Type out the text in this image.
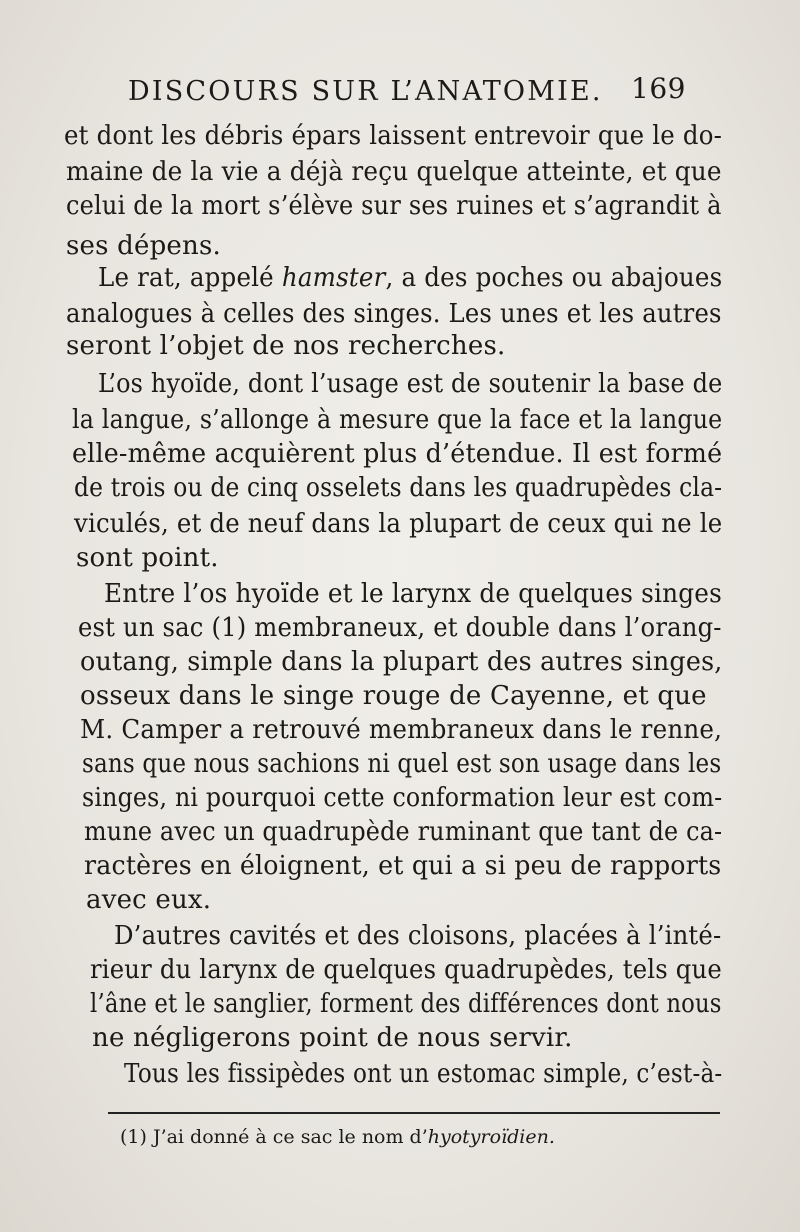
DISCOURS SUR L’ANATOMIE. 169
et dont les débris épars laissent entrevoir que le do-
maine de la vie a déjà reçu quelque atteinte, et que
celui de la mort s’élève sur ses ruines et s’agrandit à
ses dépens.
Le rat, appelé hamster, a des poches ou abajoues
analogues à celles des singes. Les unes et les autres
seront l’objet de nos recherches.
L’os hyoïde, dont l’usage est de soutenir la base de
la langue, s’allonge à mesure que la face et la langue
elle-même acquièrent plus d’étendue. Il est formé
de trois ou de cinq osselets dans les quadrupèdes cla-
viculés, et de neuf dans la plupart de ceux qui ne le
sont point.
Entre l’os hyoïde et le larynx de quelques singes
est un sac (1) membraneux, et double dans l’orang-
outang, simple dans la plupart des autres singes,
osseux dans le singe rouge de Cayenne, et que
M. Camper a retrouvé membraneux dans le renne,
sans que nous sachions ni quel est son usage dans les
singes, ni pourquoi cette conformation leur est com-
mune avec un quadrupède ruminant que tant de ca-
ractères en éloignent, et qui a si peu de rapports
avec eux.
D’autres cavités et des cloisons, placées à l’inté-
rieur du larynx de quelques quadrupèdes, tels que
l’âne et le sanglier, forment des différences dont nous
ne négligerons point de nous servir.
Tous les fissipèdes ont un estomac simple, c’est-à-
(1) J’ai donné à ce sac le nom d’hyotyroïdien.
